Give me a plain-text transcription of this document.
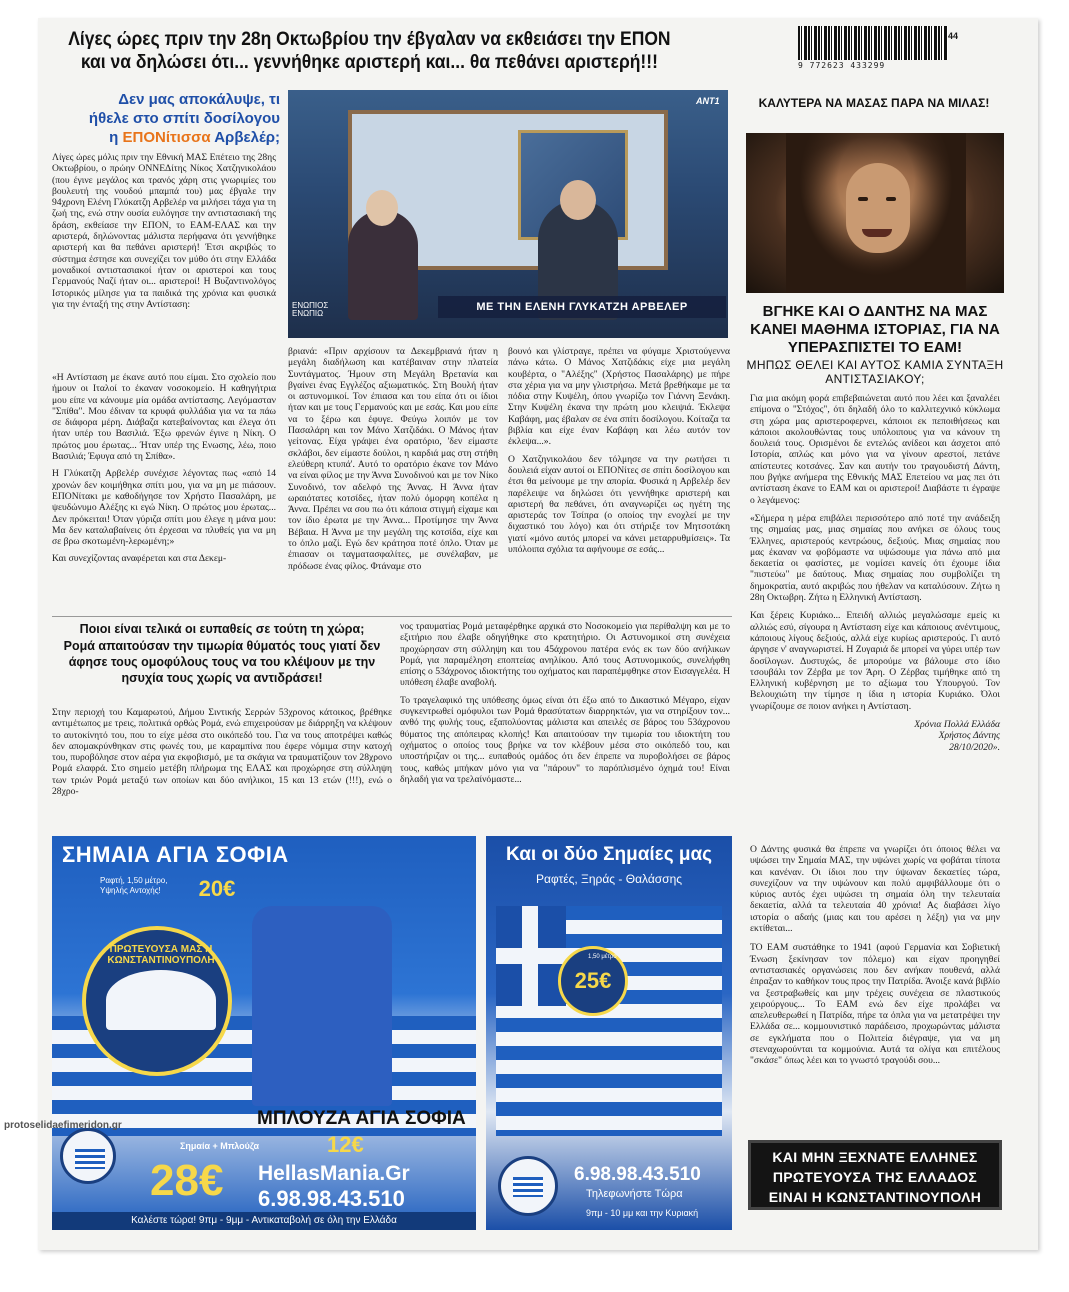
Λίγες ώρες πριν την 28η Οκτωβρίου την έβγαλαν να εκθειάσει την ΕΠΟΝ
και να δηλώσει ότι... γεννήθηκε αριστερή και... θα πεθάνει αριστερή!!!	9 772623 433299
44
Δεν μας αποκάλυψε, τι
ήθελε στο σπίτι δοσίλογου
η ΕΠΟΝίτισσα Αρβελέρ;
ΕΝΩΠΙΟΣ ΕΝΩΠΙΩ
ΜΕ ΤΗΝ ΕΛΕΝΗ ΓΛΥΚΑΤΖΗ ΑΡΒΕΛΕΡ
ANT1
Λίγες ώρες μόλις πριν την Εθνική ΜΑΣ Επέτειο της 28ης Οκτωβρίου, ο πρώην ΟΝΝΕΔίτης Νίκος Χατζηνικολάου (που έγινε μεγάλος και τρανός χάρη στις γνωριμίες του βουλευτή της νουδού μπαμπά του) μας έβγαλε την 94χρονη Ελένη Γλύκατζη Αρβελέρ να μιλήσει τάχα για τη ζωή της, ενώ στην ουσία ευλόγησε την αντιστασιακή της δράση, εκθείασε την ΕΠΟΝ, το ΕΑΜ-ΕΛΑΣ και την αριστερά, δηλώνοντας μάλιστα περήφανα ότι γεννήθηκε αριστερή και θα πεθάνει αριστερή! Έτσι ακριβώς το σύστημα έστησε και συνεχίζει τον μύθο ότι στην Ελλάδα μοναδικοί αντιστασιακοί ήταν οι αριστεροί και τους Γερμανούς Ναζί ήταν οι... αριστεροί! Η Βυζαντινολόγος Ιστορικός μίλησε για τα παιδικά της χρόνια και φυσικά για την ένταξή της στην Αντίσταση:

«Η Αντίσταση με έκανε αυτό που είμαι. Στο σχολείο που ήμουν οι Ιταλοί το έκαναν νοσοκομείο. Η καθηγήτρια μου είπε να κάνουμε μία ομάδα αντίστασης. Λεγόμασταν "Σπίθα". Μου έδιναν τα κρυφά φυλλάδια για να τα πάω σε διάφορα μέρη. Διάβαζα κατεβαίνοντας και έλεγα ότι ήταν υπέρ του Βασιλιά. Έξω φρενών έγινε η Νίκη. Ο πρώτος μου έρωτας... Ήταν υπέρ της Ενωσης, λέω, ποιο Βασιλιά; Έφυγα από τη Σπίθα».

Η Γλύκατζη Αρβελέρ συνέχισε λέγοντας πως «από 14 χρονών δεν κοιμήθηκα σπίτι μου, για να μη με πιάσουν. ΕΠΟΝίτακι με καθοδήγησε τον Χρήστο Πασαλάρη, με ψευδώνυμο Αλέξης κι εγώ Νίκη. Ο πρώτος μου έρωτας... Δεν πρόκειται! Όταν γύριζα σπίτι μου έλεγε η μάνα μου: Μα δεν καταλαβαίνεις ότι έρχεσαι να πλυθείς για να μη σε βρω σκοτωμένη-λερωμένη;»

Και συνεχίζοντας αναφέρεται και στα Δεκεμ-

βριανά: «Πριν αρχίσουν τα Δεκεμβριανά ήταν η μεγάλη διαδήλωση και κατέβαιναν στην πλατεία Συντάγματος. Ήμουν στη Μεγάλη Βρετανία και βγαίνει ένας Εγγλέζος αξιωματικός. Στη Βουλή ήταν οι αστυνομικοί. Τον έπιασα και του είπα ότι οι ίδιοι ήταν και με τους Γερμανούς και με εσάς. Και μου είπε να το ξέρω και έφυγε. Φεύγω λοιπόν με τον Πασαλάρη και τον Μάνο Χατζιδάκι. Ο Μάνος ήταν γείτονας. Είχα γράψει ένα ορατόριο, 'δεν είμαστε σκλάβοι, δεν είμαστε δούλοι, η καρδιά μας στη στήθη ελεύθερη κτυπά'. Αυτό το ορατόριο έκανε τον Μάνο να είναι φίλος με την Άννα Συνοδινού και με τον Νίκο Συνοδινό, τον αδελφό της Άννας. Η Άννα ήταν ωραιότατες κοτσίδες, ήταν πολύ όμορφη κοπέλα η Άννα. Πρέπει να σου πω ότι κάποια στιγμή είχαμε και τον ίδιο έρωτα με την Άννα... Προτίμησε την Άννα Βέβαια. Η Άννα με την μεγάλη της κοτσίδα, είχε και το όπλο μαζί. Εγώ δεν κράτησα ποτέ όπλο. Όταν με έπιασαν οι ταγματασφαλίτες, με συνέλαβαν, με πρόδωσε ένας φίλος. Φτάναμε στο

βουνό και γλίστραγε, πρέπει να φύγαμε Χριστούγεννα πάνω κάτω. Ο Μάνος Χατζιδάκις είχε μια μεγάλη κουβέρτα, ο "Αλέξης" (Χρήστος Πασαλάρης) με πήρε στα χέρια για να μην γλιστρήσω. Μετά βρεθήκαμε με τα πόδια στην Κυψέλη, όπου γνωρίζω τον Γιάννη Ξενάκη. Στην Κυψέλη έκανα την πρώτη μου κλειψιά. Έκλεψα Καβάφη, μας έβαλαν σε ένα σπίτι δοσίλογου. Κοίταζα τα βιβλία και είχε έναν Καβάφη και λέω αυτόν τον έκλεψα...».

Ο Χατζηνικολάου δεν τόλμησε να την ρωτήσει τι δουλειά είχαν αυτοί οι ΕΠΟΝίτες σε σπίτι δοσίλογου και έτσι θα μείνουμε με την απορία. Φυσικά η Αρβελέρ δεν παρέλειψε να δηλώσει ότι γεννήθηκε αριστερή και αριστερή θα πεθάνει, ότι αναγνωρίζει ως ηγέτη της αριστεράς τον Τσίπρα (ο οποίος την ενοχλεί με την διχαστικό του λόγο) και ότι στήριξε τον Μητσοτάκη γιατί «μόνο αυτός μπορεί να κάνει μεταρρυθμίσεις». Τα υπόλοιπα σχόλια τα αφήνουμε σε εσάς...

ΚΑΛΥΤΕΡΑ ΝΑ ΜΑΣΑΣ ΠΑΡΑ ΝΑ ΜΙΛΑΣ!
ΒΓΗΚΕ ΚΑΙ Ο ΔΑΝΤΗΣ ΝΑ ΜΑΣ ΚΑΝΕΙ ΜΑΘΗΜΑ ΙΣΤΟΡΙΑΣ, ΓΙΑ ΝΑ ΥΠΕΡΑΣΠΙΣΤΕΙ ΤΟ ΕΑΜ!
ΜΗΠΩΣ ΘΕΛΕΙ ΚΑΙ ΑΥΤΟΣ ΚΑΜΙΑ ΣΥΝΤΑΞΗ ΑΝΤΙΣΤΑΣΙΑΚΟΥ;

Για μια ακόμη φορά επιβεβαιώνεται αυτό που λέει και ξαναλέει επίμονα ο "Στόχος", ότι δηλαδή όλο το καλλιτεχνικό κύκλωμα στη χώρα μας αριστεροφερνει, κάποιοι εκ πεποιθήσεως και κάποιοι ακολουθώντας τους υπόλοιπους για να κάνουν τη δουλειά τους. Ορισμένοι δε εντελώς ανίδεοι και άσχετοι από Ιστορία, απλώς και μόνο για να γίνουν αρεστοί, πετάνε απίστευτες κοτσάνες. Σαν και αυτήν του τραγουδιστή Δάντη, που βγήκε ανήμερα της Εθνικής ΜΑΣ Επετείου να μας πει ότι αντίσταση έκανε το ΕΑΜ και οι αριστεροί! Διαβάστε τι έγραψε ο λεγάμενος:

«Σήμερα η μέρα επιβάλει περισσότερο από ποτέ την ανάδειξη της σημαίας μας, μιας σημαίας που ανήκει σε όλους τους Έλληνες, αριστερούς κεντρώους, δεξιούς. Μιας σημαίας που μας έκαναν να φοβόμαστε να υψώσουμε για πάνω από μια δεκαετία οι φασίστες, με νομίσει κανείς ότι έχουμε ίδια "πιστεύω" με δαύτους. Μιας σημαίας που συμβολίζει τη δημοκρατία, αυτό ακριβώς που ήθελαν να καταλύσουν. Ζήτω η 28η Οκτωβρη. Ζήτω η Ελληνική Αντίσταση.

Και ξέρεις Κυριάκο... Επειδή αλλιώς μεγαλώσαμε εμείς κι αλλιώς εσύ, σίγουρα η Αντίσταση είχε και κάποιους ανέντιμους, κάποιους λίγους δεξιούς, αλλά είχε κυρίως αριστερούς. Γι αυτό άργησε ν' αναγνωριστεί. Η Ζυγαριά δε μπορεί να γύρει υπέρ των δοσίλογων. Δυστυχώς, δε μπορούμε να βάλουμε στο ίδιο τσουβάλι τον Ζέρβα με τον Άρη. Ο Ζέρβας τιμήθηκε από τη Ελληνική κυβέρνηση με το αξίωμα του Υπουργού. Τον Βελουχιώτη την τίμησε η ίδια η ιστορία Κυριάκο. Όλοι γνωρίζουμε σε ποιον ανήκει η Αντίσταση.

Χρόνια Πολλά Ελλάδα

Χρήστος Δάντης

28/10/2020».

Ποιοι είναι τελικά οι ευπαθείς σε τούτη τη χώρα;
Ρομά απαιτούσαν την τιμωρία θύματός τους γιατί δεν άφησε τους ομοφύλους τους να του κλέψουν με την ησυχία τους χωρίς να αντιδράσει!
Στην περιοχή του Καμαρωτού, Δήμου Σιντικής Σερρών 53χρονος κάτοικος, βρέθηκε αντιμέτωπος με τρεις, πολιτικά ορθώς Ρομά, ενώ επιχειρούσαν με διάρρηξη να κλέψουν το αυτοκίνητό του, που το είχε μέσα στο οικόπεδό του. Για να τους αποτρέψει καθώς δεν απομακρύνθηκαν στις φωνές του, με καραμπίνα που έφερε νόμιμα στην κατοχή του, πυροβόλησε στον αέρα για εκφοβισμό, με τα σκάγια να τραυματίζουν τον 28χρονο Ρομά ελαφρά. Στο σημείο μετέβη πλήρωμα της ΕΛΑΣ και προχώρησε στη σύλληψη των τριών Ρομά μεταξύ των οποίων και δύο ανήλικοι, 15 και 13 ετών (!!!), ενώ ο 28χρο-

νος τραυματίας Ρομά μεταφέρθηκε αρχικά στο Νοσοκομείο για περίθαλψη και με το εξιτήριο που έλαβε οδηγήθηκε στο κρατητήριο. Οι Αστυνομικοί στη συνέχεια προχώρησαν στη σύλληψη και του 45άχρονου πατέρα ενός εκ των δύο ανήλικων Ρομά, για παραμέληση εποπτείας ανηλίκου. Από τους Αστυνομικούς, συνελήφθη επίσης ο 53άχρονος ιδιοκτήτης του οχήματος και παραπέμφθηκε στον Εισαγγελέα. Η υπόθεση έλαβε αναβολή.

Το τραγελαφικό της υπόθεσης όμως είναι ότι έξω από το Δικαστικό Μέγαρο, είχαν συγκεντρωθεί ομόφυλοι των Ρομά θρασύτατων διαρρηκτών, για να στηρίξουν τον... ανθό της φυλής τους, εξαπολύοντας μάλιστα και απειλές σε βάρος του 53άχρονου θύματος της απόπειρας κλοπής! Και απαιτούσαν την τιμωρία του ιδιοκτήτη του οχήματος ο οποίος τους βρήκε να τον κλέβουν μέσα στο οικόπεδό του, και υποστήριζαν οι της... ευπαθούς ομάδος ότι δεν έπρεπε να πυροβολήσει σε βάρος τους, καθώς μπήκαν μόνο για να "πάρουν" το παρόπλισμένο όχημά του! Είναι δηλαδή για να τρελαίνόμαστε...

ΣΗΜΑΙΑ ΑΓΙΑ ΣΟΦΙΑ
Ραφτή, 1,50 μέτρο, Υψηλής Αντοχής!	20€
ΠΡΩΤΕΥΟΥΣΑ ΜΑΣ Η ΚΩΝΣΤΑΝΤΙΝΟΥΠΟΛΗ
ΜΠΛΟΥΖΑ ΑΓΙΑ ΣΟΦΙΑ
12€
Σημαία + Μπλούζα
28€ HellasMania.Gr
6.98.98.43.510
Καλέστε τώρα! 9πμ - 9μμ - Αντικαταβολή σε όλη την Ελλάδα
Και οι δύο Σημαίες μας
Ραφτές, Ξηράς - Θαλάσσης
25€
1,50 μέτρο
6.98.98.43.510
Τηλεφωνήστε Τώρα
9πμ - 10 μμ και την Κυριακή

Ο Δάντης φυσικά θα έπρεπε να γνωρίζει ότι όποιος θέλει να υψώσει την Σημαία ΜΑΣ, την υψώνει χωρίς να φοβάται τίποτα και κανέναν. Οι ίδιοι που την ύψωναν δεκαετίες τώρα, συνεχίζουν να την υψώνουν και πολύ αμφιβάλλουμε ότι ο κύριος αυτός έχει υψώσει τη σημαία όλη την τελευταία δεκαετία, αλλά τα τελευταία 40 χρόνια! Ας διαβάσει λίγο ιστορία ο αδαής (μιας και του αρέσει η λέξη) για να μην εκτίθεται...

ΤΟ ΕΑΜ συστάθηκε το 1941 (αφού Γερμανία και Σοβιετική Ένωση ξεκίνησαν τον πόλεμο) και είχαν προηγηθεί αντιστασιακές οργανώσεις που δεν ανήκαν πουθενά, αλλά έπραξαν το καθήκον τους προς την Πατρίδα. Άνοιξε κανά βιβλίο να ξεστραβωθείς και μην τρέχεις συνέχεια σε πλαστικούς χειρούργους... Το ΕΑΜ ενώ δεν είχε προλάβει να απελευθερωθεί η Πατρίδα, πήρε τα όπλα για να μετατρέψει την Ελλάδα σε... κομμουνιστικό παράδεισο, προχωρώντας μάλιστα σε εγκλήματα που ο Πολιτεία διέγραψε, για να μη στεναχωρούνται τα κομμούνια. Αυτά τα ολίγα και επιτέλους "σκάσε" όπως λέει και το γνωστό τραγούδι σου...

ΚΑΙ ΜΗΝ ΞΕΧΝΑΤΕ ΕΛΛΗΝΕΣ
ΠΡΩΤΕΥΟΥΣΑ ΤΗΣ ΕΛΛΑΔΟΣ
ΕΙΝΑΙ Η ΚΩΝΣΤΑΝΤΙΝΟΥΠΟΛΗ
protoselidaefimeridon.gr
